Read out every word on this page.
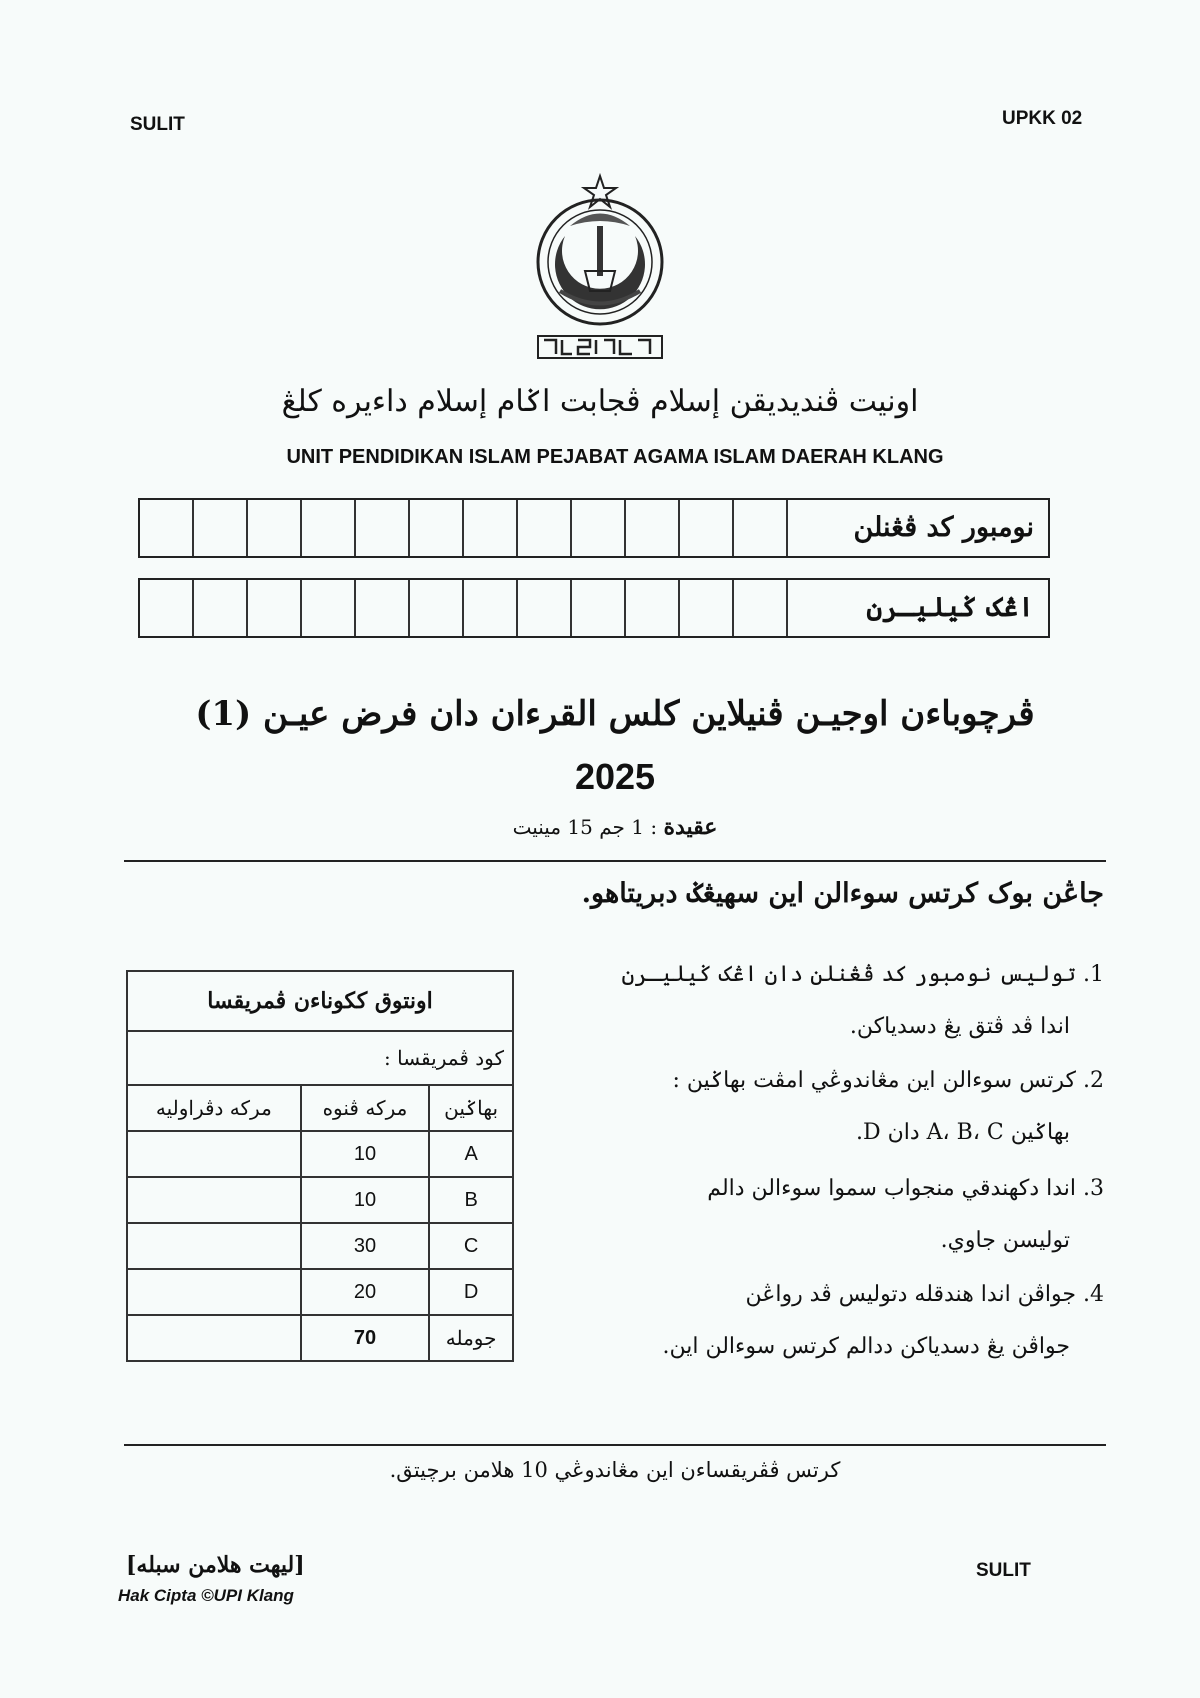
SULIT	UPKK 02
اونيت ڤنديديقن إسلام ڤجابت اݢام إسلام داءيره كلڠ
UNIT PENDIDIKAN ISLAM PEJABAT AGAMA ISLAM DAERAH KLANG
نومبور كد ڤڠنلن
اڠک ݢيليـرن
ڤرچوباءن اوجيـن ڤنيلاين كلس القرءان دان فرض عيـن (1)
2025
عقيدة : 1 جم 15 مينيت
جاڠن بوک كرتس سوءالن اين سهيڠݢ دبريتاهو.
1. توليس نومبور كد ڤڠنلن دان اڠک ݢيليـرن
اندا ڤد ڤتق يڠ دسدياكن.
2. كرتس سوءالن اين مڠاندوڠي امڤت بهاݢين :
بهاݢين A، B، C دان D.
3. اندا دكهندقي منجواب سموا سوءالن دالم
توليسن جاوي.
4. جواڤن اندا هندقله دتوليس ڤد رواڠن
جواڤن يڠ دسدياكن ددالم كرتس سوءالن اين.
اونتوق ككوناءن ڤمريقسا		
كود ڤمريقسا :		
بهاݢين	مركه ڤنوه	مركه دڤراوليه
A	10	
B	10	
C	30	
D	20	
جومله	70	
كرتس ڤڤريقساءن اين مڠاندوڠي 10 هلامن برچيتق.
[ليهت هلامن سبله]
Hak Cipta ©UPI Klang
SULIT
